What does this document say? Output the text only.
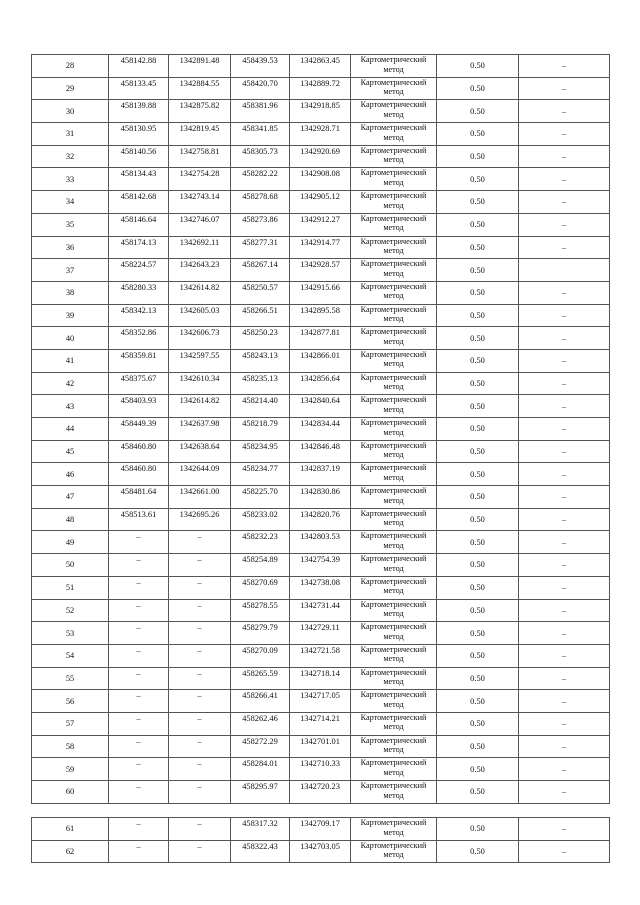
28	458142.88	1342891.48	458439.53	1342863.45	Картометрический метод	0.50	–
29	458133.45	1342884.55	458420.70	1342889.72	Картометрический метод	0.50	–
30	458139.88	1342875.82	458381.96	1342918.85	Картометрический метод	0.50	–
31	458130.95	1342819.45	458341.85	1342928.71	Картометрический метод	0.50	–
32	458140.56	1342758.81	458305.73	1342920.69	Картометрический метод	0.50	–
33	458134.43	1342754.28	458282.22	1342908.08	Картометрический метод	0.50	–
34	458142.68	1342743.14	458278.68	1342905.12	Картометрический метод	0.50	–
35	458146.64	1342746.07	458273.86	1342912.27	Картометрический метод	0.50	–
36	458174.13	1342692.11	458277.31	1342914.77	Картометрический метод	0.50	–
37	458224.57	1342643.23	458267.14	1342928.57	Картометрический метод	0.50	
38	458280.33	1342614.82	458250.57	1342915.66	Картометрический метод	0.50	–
39	458342.13	1342605.03	458266.51	1342895.58	Картометрический метод	0.50	–
40	458352.86	1342606.73	458250.23	1342877.81	Картометрический метод	0.50	–
41	458359.81	1342597.55	458243.13	1342866.01	Картометрический метод	0.50	–
42	458375.67	1342610.34	458235.13	1342856.64	Картометрический метод	0.50	–
43	458403.93	1342614.82	458214.40	1342840.64	Картометрический метод	0.50	–
44	458449.39	1342637.98	458218.79	1342834.44	Картометрический метод	0.50	–
45	458460.80	1342638.64	458234.95	1342846.48	Картометрический метод	0.50	–
46	458460.80	1342644.09	458234.77	1342837.19	Картометрический метод	0.50	–
47	458481.64	1342661.00	458225.70	1342830.86	Картометрический метод	0.50	–
48	458513.61	1342695.26	458233.02	1342820.76	Картометрический метод	0.50	–
49	–	–	458232.23	1342803.53	Картометрический метод	0.50	–
50	–	–	458254.89	1342754.39	Картометрический метод	0.50	–
51	–	–	458270.69	1342738.08	Картометрический метод	0.50	–
52	–	–	458278.55	1342731.44	Картометрический метод	0.50	–
53	–	–	458279.79	1342729.11	Картометрический метод	0.50	–
54	–	–	458270.09	1342721.58	Картометрический метод	0.50	–
55	–	–	458265.59	1342718.14	Картометрический метод	0.50	–
56	–	–	458266.41	1342717.05	Картометрический метод	0.50	–
57	–	–	458262.46	1342714.21	Картометрический метод	0.50	–
58	–	–	458272.29	1342701.01	Картометрический метод	0.50	–
59	–	–	458284.01	1342710.33	Картометрический метод	0.50	–
60	–	–	458295.97	1342720.23	Картометрический метод	0.50	–
61	–	–	458317.32	1342709.17	Картометрический метод	0.50	–
62	–	–	458322.43	1342703.05	Картометрический метод	0.50	–
